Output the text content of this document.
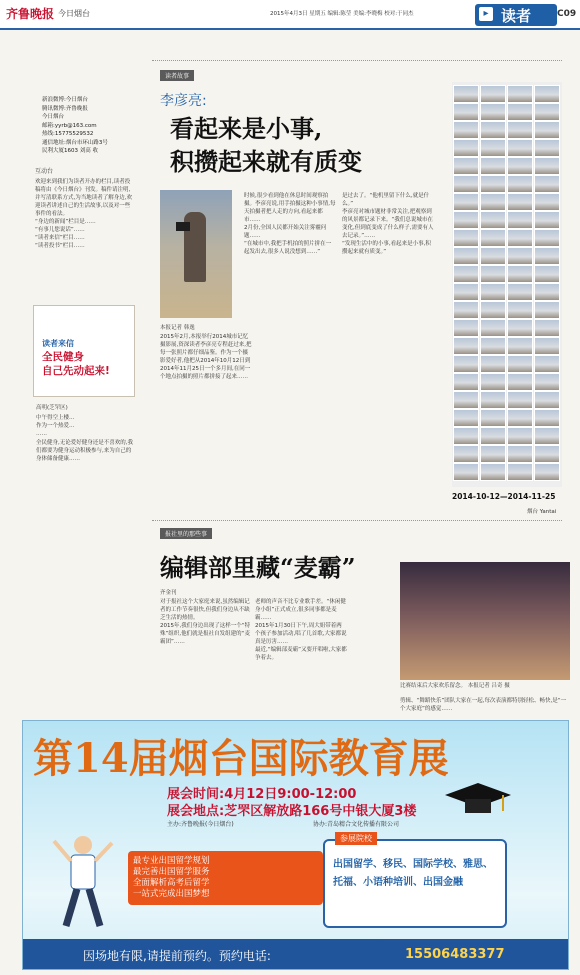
齐鲁晚报 今日烟台	2015年4月3日 星期五 编辑:陈莹 美编:李晓梅 校对:于同杰	▸ 读者	C09
新浪微博:今日烟台
腾讯微博:齐鲁晚报
今日烟台
邮箱:yyrb@163.com
热线:15775529532
通信地址:烟台市环山路3号
民利大厦1603 刘高 收
互动台
欢迎来到我们为读者开办的栏目,读者投稿将由《今日烟台》刊发。稿件请注明,并写清联系方式,为当地读者了解身边,欢迎读者讲述自己的生活故事,以及对一些事件的看法。
“身边的新闻”栏目是……
“有事儿您说话”……
“读者来信”栏目……
“读者投书”栏目……
读者来信
全民健身
自己先动起来!
高明(芝罘区)
中午得空上楼…
作为一个热爱…
……
全民健身,无论爱好健身还是不喜欢的,我们都要为健身运动积极参与,来为自己的身体储备健康……
读者故事
李彦亮:
看起来是小事,
积攒起来就有质变
本报记者 韩逸
2015年2月,本报举行2014城市记忆摄影展,资深读者李彦亮专程赶过来,把每一张照片都仔细品鉴。作为一个摄影爱好者,他把从2014年10月12日到2014年11月25日一个多月间,在同一个地点拍摄的照片都拼接了起来……
时候,很少看到他在休息时间观察拍摄。李彦亮说,用手拍摄这种小事情,每天拍摄者把人走的方向,看起来都市……
2月份,全国人民都开始关注雾霾问题……
“在城市中,我把手机拍的照片拼在一起发出去,很多人说没想到……”
是过去了。“他机里留下什么,就是什么。”
李彦亮对城市题材非常关注,把观察到的风景都记录下来。“我们总说城市在变化,但到底变成了什么样子,需要有人去记录。”……
“发现生活中的小事,看起来是小事,积攒起来就有质变。”
2014-10-12—2014-11-25
烟台 Yantai
报社里的那些事
编辑部里藏“麦霸”
齐金刊
对于报社这个大家庭来说,虽然编辑记者的工作节奏很快,但我们身边从不缺乏生活的热情。
2015年,我们身边出现了这样一个“特殊”组织,他们就是报社自发组建的“麦霸团”……
老师的声音不比专业歌手差。“休闲健身小组”正式成立,很多同事都是麦霸……
2015年1月30日下午,周大姐带着两个孩子参加活动,唱了几首歌,大家都说真是厉害……
最近,“编辑部麦霸”又要开唱啦,大家都争着去。
比赛结束后大家欢乐留念。 本报记者 吕奇 摄
剪辑、“舞蹈快乐”团队大家在一起,每次表演都特别轻松、畅快,是“一个大家庭”的感觉……
第14届烟台国际教育展
展会时间:4月12日9:00-12:00
展会地点:芝罘区解放路166号中银大厦3楼
主办:齐鲁晚报(今日烟台)	协办:青岛精合文化传播有限公司
最专业出国留学规划
最完善出国留学服务
全面解析高考后留学
一站式完成出国梦想
参展院校
出国留学、移民、国际学校、雅思、托福、小语种培训、出国金融
因场地有限,请提前预约。预约电话:	15506483377
